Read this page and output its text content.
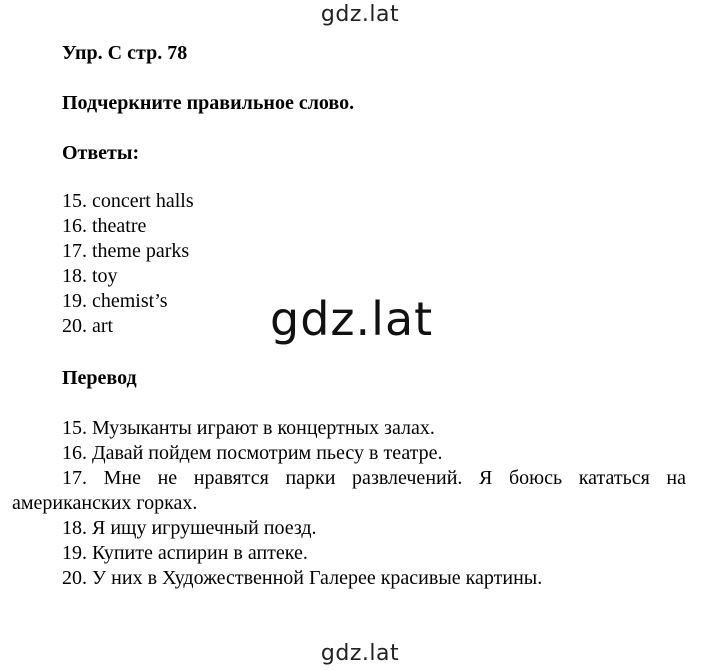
gdz.lat
Упр. С стр. 78
Подчеркните правильное слово.
Ответы:
15. concert halls
16. theatre
17. theme parks
18. toy
19. chemist’s
20. art	gdz.lat
Перевод

15. Музыканты играют в концертных залах.

16. Давай пойдем посмотрим пьесу в театре.

17. Мне не нравятся парки развлечений. Я боюсь кататься на американских горках.

18. Я ищу игрушечный поезд.

19. Купите аспирин в аптеке.

20. У них в Художественной Галерее красивые картины.

gdz.lat
